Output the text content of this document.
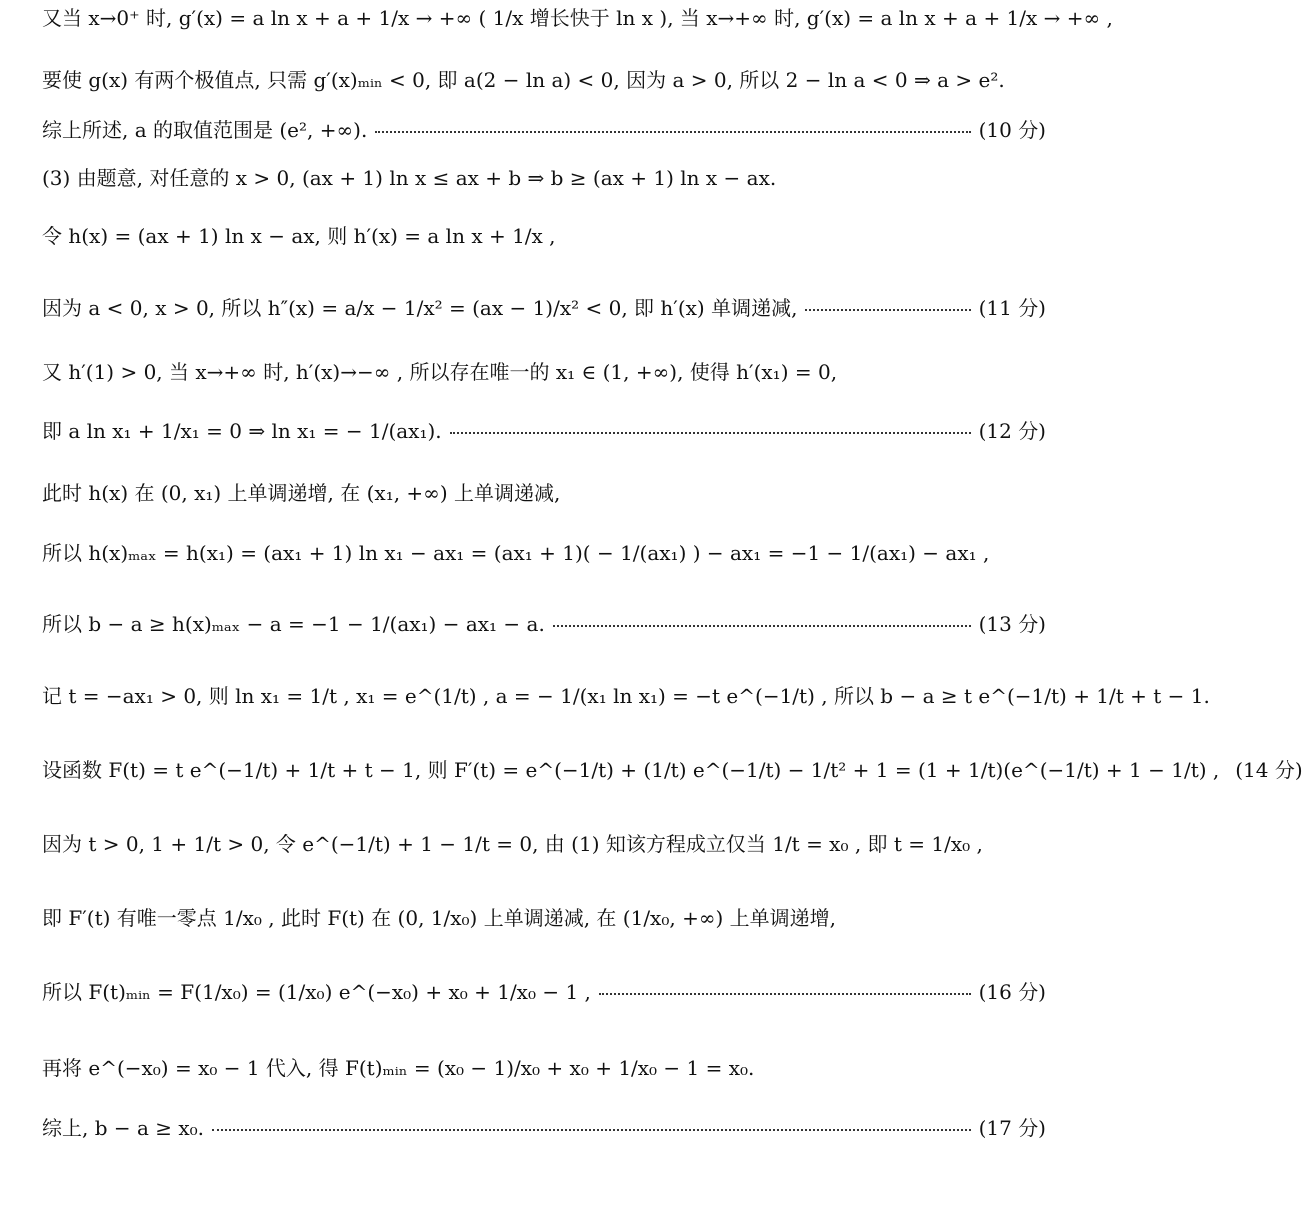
又当 x→0⁺ 时, g′(x) = a ln x + a + 1/x → +∞ ( 1/x 增长快于 ln x ), 当 x→+∞ 时, g′(x) = a ln x + a + 1/x → +∞ ,
要使 g(x) 有两个极值点, 只需 g′(x)ₘᵢₙ < 0, 即 a(2 − ln a) < 0, 因为 a > 0, 所以 2 − ln a < 0 ⇒ a > e².
综上所述, a 的取值范围是 (e², +∞).	(10 分)
(3) 由题意, 对任意的 x > 0, (ax + 1) ln x ≤ ax + b ⇒ b ≥ (ax + 1) ln x − ax.
令 h(x) = (ax + 1) ln x − ax, 则 h′(x) = a ln x + 1/x ,
因为 a < 0, x > 0, 所以 h″(x) = a/x − 1/x² = (ax − 1)/x² < 0, 即 h′(x) 单调递减,	(11 分)
又 h′(1) > 0, 当 x→+∞ 时, h′(x)→−∞ , 所以存在唯一的 x₁ ∈ (1, +∞), 使得 h′(x₁) = 0,
即 a ln x₁ + 1/x₁ = 0 ⇒ ln x₁ = − 1/(ax₁).	(12 分)
此时 h(x) 在 (0, x₁) 上单调递增, 在 (x₁, +∞) 上单调递减,
所以 h(x)ₘₐₓ = h(x₁) = (ax₁ + 1) ln x₁ − ax₁ = (ax₁ + 1)( − 1/(ax₁) ) − ax₁ = −1 − 1/(ax₁) − ax₁ ,
所以 b − a ≥ h(x)ₘₐₓ − a = −1 − 1/(ax₁) − ax₁ − a.	(13 分)
记 t = −ax₁ > 0, 则 ln x₁ = 1/t , x₁ = e^(1/t) , a = − 1/(x₁ ln x₁) = −t e^(−1/t) , 所以 b − a ≥ t e^(−1/t) + 1/t + t − 1.
设函数 F(t) = t e^(−1/t) + 1/t + t − 1, 则 F′(t) = e^(−1/t) + (1/t) e^(−1/t) − 1/t² + 1 = (1 + 1/t)(e^(−1/t) + 1 − 1/t) , (14 分)
因为 t > 0, 1 + 1/t > 0, 令 e^(−1/t) + 1 − 1/t = 0, 由 (1) 知该方程成立仅当 1/t = x₀ , 即 t = 1/x₀ ,
即 F′(t) 有唯一零点 1/x₀ , 此时 F(t) 在 (0, 1/x₀) 上单调递减, 在 (1/x₀, +∞) 上单调递增,
所以 F(t)ₘᵢₙ = F(1/x₀) = (1/x₀) e^(−x₀) + x₀ + 1/x₀ − 1 ,	(16 分)
再将 e^(−x₀) = x₀ − 1 代入, 得 F(t)ₘᵢₙ = (x₀ − 1)/x₀ + x₀ + 1/x₀ − 1 = x₀.
综上, b − a ≥ x₀.	(17 分)
